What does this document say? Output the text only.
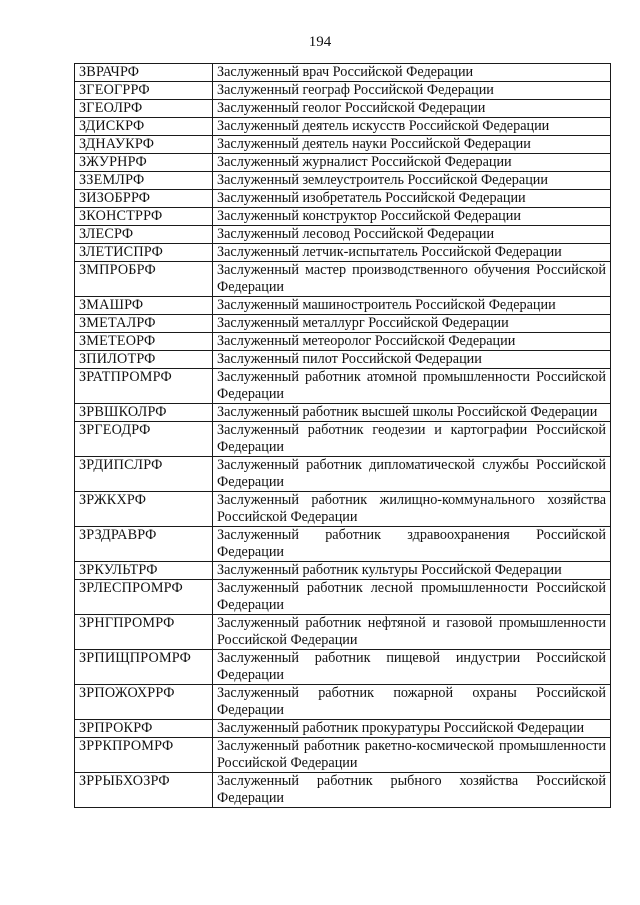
194
ЗВРАЧРФ	Заслуженный врач Российской Федерации
ЗГЕОГРРФ	Заслуженный географ Российской Федерации
ЗГЕОЛРФ	Заслуженный геолог Российской Федерации
ЗДИСКРФ	Заслуженный деятель искусств Российской Федерации
ЗДНАУКРФ	Заслуженный деятель науки Российской Федерации
ЗЖУРНРФ	Заслуженный журналист Российской Федерации
ЗЗЕМЛРФ	Заслуженный землеустроитель Российской Федерации
ЗИЗОБРРФ	Заслуженный изобретатель Российской Федерации
ЗКОНСТРРФ	Заслуженный конструктор Российской Федерации
ЗЛЕСРФ	Заслуженный лесовод Российской Федерации
ЗЛЕТИСПРФ	Заслуженный летчик-испытатель Российской Федерации
ЗМПРОБРФ	Заслуженный мастер производственного обучения Российской Федерации
ЗМАШРФ	Заслуженный машиностроитель Российской Федерации
ЗМЕТАЛРФ	Заслуженный металлург Российской Федерации
ЗМЕТЕОРФ	Заслуженный метеоролог Российской Федерации
ЗПИЛОТРФ	Заслуженный пилот Российской Федерации
ЗРАТПРОМРФ	Заслуженный работник атомной промышленности Российской Федерации
ЗРВШКОЛРФ	Заслуженный работник высшей школы Российской Федерации
ЗРГЕОДРФ	Заслуженный работник геодезии и картографии Российской Федерации
ЗРДИПСЛРФ	Заслуженный работник дипломатической службы Российской Федерации
ЗРЖКХРФ	Заслуженный работник жилищно-коммунального хозяйства Российской Федерации
ЗРЗДРАВРФ	Заслуженный работник здравоохранения Российской Федерации
ЗРКУЛЬТРФ	Заслуженный работник культуры Российской Федерации
ЗРЛЕСПРОМРФ	Заслуженный работник лесной промышленности Российской Федерации
ЗРНГПРОМРФ	Заслуженный работник нефтяной и газовой промышленности Российской Федерации
ЗРПИЩПРОМРФ	Заслуженный работник пищевой индустрии Российской Федерации
ЗРПОЖОХРРФ	Заслуженный работник пожарной охраны Российской Федерации
ЗРПРОКРФ	Заслуженный работник прокуратуры Российской Федерации
ЗРРКПРОМРФ	Заслуженный работник ракетно-космической промышленности Российской Федерации
ЗРРЫБХОЗРФ	Заслуженный работник рыбного хозяйства Российской Федерации
